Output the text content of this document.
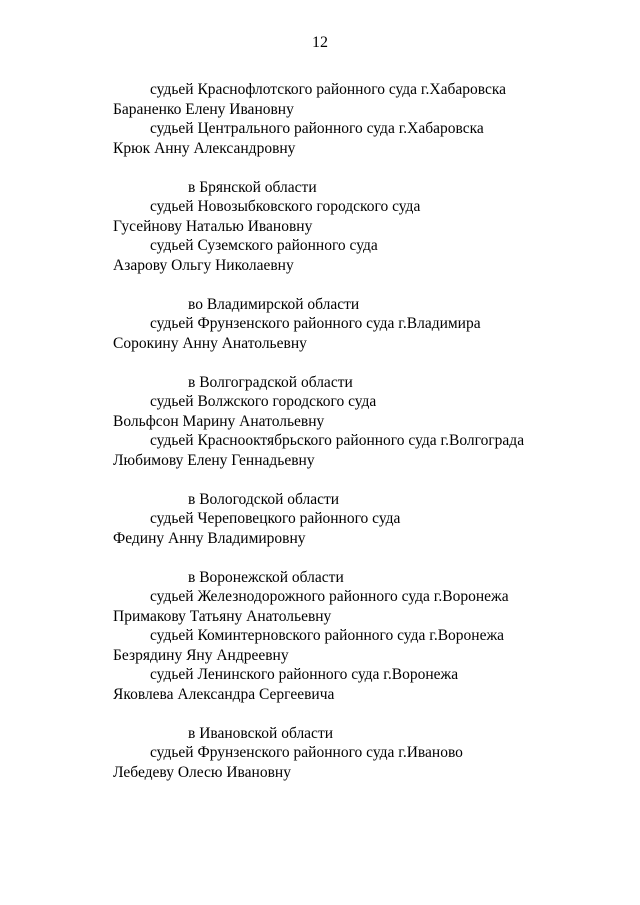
12
судьей Краснофлотского районного суда г.Хабаровска
Бараненко Елену Ивановну
судьей Центрального районного суда г.Хабаровска
Крюк Анну Александровну
в Брянской области
судьей Новозыбковского городского суда
Гусейнову Наталью Ивановну
судьей Суземского районного суда
Азарову Ольгу Николаевну
во Владимирской области
судьей Фрунзенского районного суда г.Владимира
Сорокину Анну Анатольевну
в Волгоградской области
судьей Волжского городского суда
Вольфсон Марину Анатольевну
судьей Краснооктябрьского районного суда г.Волгограда
Любимову Елену Геннадьевну
в Вологодской области
судьей Череповецкого районного суда
Федину Анну Владимировну
в Воронежской области
судьей Железнодорожного районного суда г.Воронежа
Примакову Татьяну Анатольевну
судьей Коминтерновского районного суда г.Воронежа
Безрядину Яну Андреевну
судьей Ленинского районного суда г.Воронежа
Яковлева Александра Сергеевича
в Ивановской области
судьей Фрунзенского районного суда г.Иваново
Лебедеву Олесю Ивановну
